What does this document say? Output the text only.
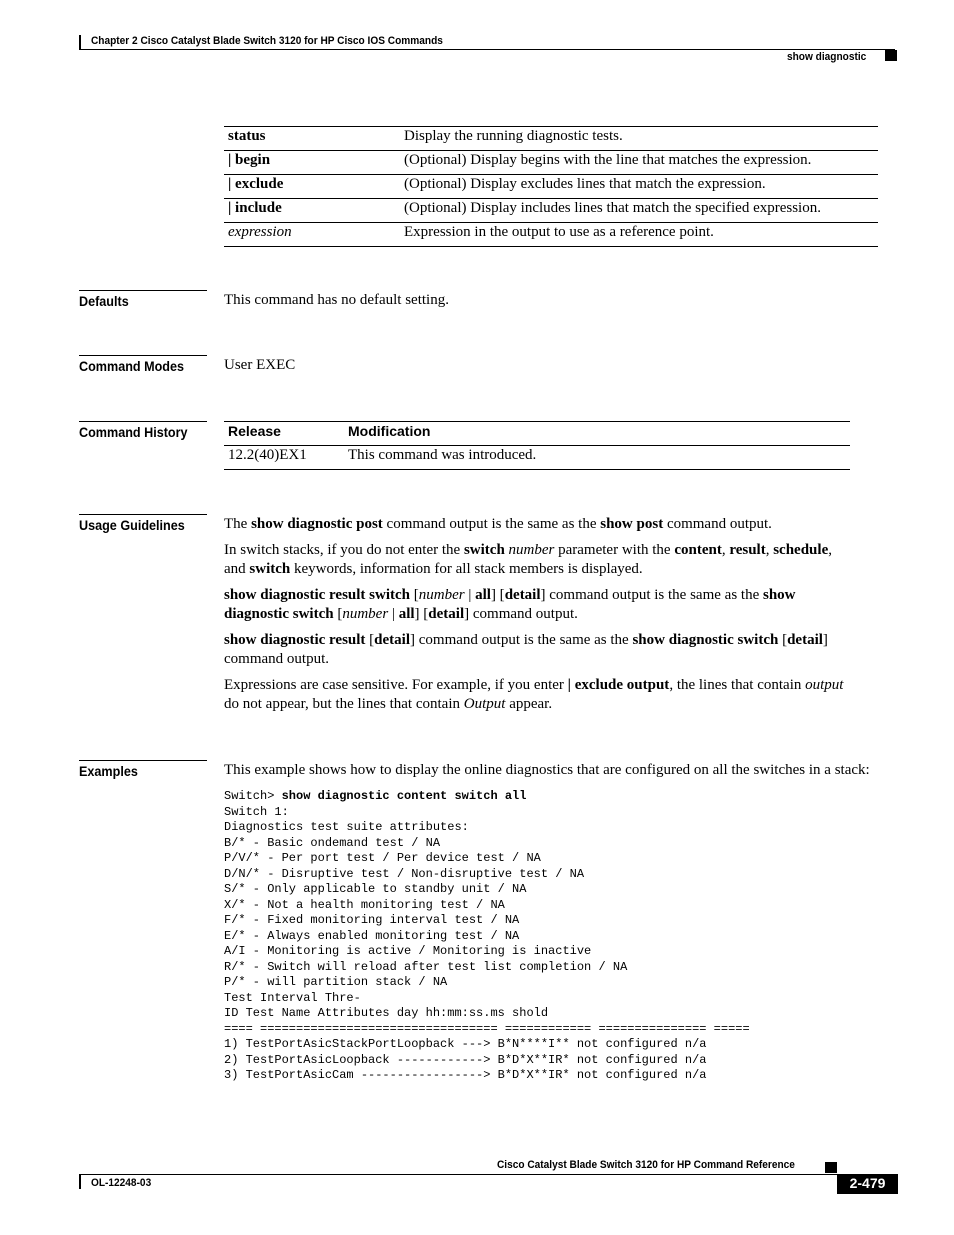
Chapter 2 Cisco Catalyst Blade Switch 3120 for HP Cisco IOS Commands
show diagnostic
status	Display the running diagnostic tests.
| begin	(Optional) Display begins with the line that matches the expression.
| exclude	(Optional) Display excludes lines that match the expression.
| include	(Optional) Display includes lines that match the specified expression.
expression	Expression in the output to use as a reference point.
Defaults	This command has no default setting.
Command Modes	User EXEC
Command History	Release	Modification
12.2(40)EX1	This command was introduced.
Usage Guidelines	The show diagnostic post command output is the same as the show post command output.

In switch stacks, if you do not enter the switch number parameter with the content, result, schedule,
and switch keywords, information for all stack members is displayed.

show diagnostic result switch [number | all] [detail] command output is the same as the show
diagnostic switch [number | all] [detail] command output.

show diagnostic result [detail] command output is the same as the show diagnostic switch [detail]
command output.

Expressions are case sensitive. For example, if you enter | exclude output, the lines that contain output
do not appear, but the lines that contain Output appear.

Examples	This example shows how to display the online diagnostics that are configured on all the switches in a stack:
Switch> show diagnostic content switch all
Switch 1:
Diagnostics test suite attributes:
B/* - Basic ondemand test / NA
P/V/* - Per port test / Per device test / NA
D/N/* - Disruptive test / Non-disruptive test / NA
S/* - Only applicable to standby unit / NA
X/* - Not a health monitoring test / NA
F/* - Fixed monitoring interval test / NA
E/* - Always enabled monitoring test / NA
A/I - Monitoring is active / Monitoring is inactive
R/* - Switch will reload after test list completion / NA
P/* - will partition stack / NA
Test Interval Thre-
ID Test Name Attributes day hh:mm:ss.ms shold
==== ================================= ============ =============== =====
1) TestPortAsicStackPortLoopback ---> B*N****I** not configured n/a
2) TestPortAsicLoopback ------------> B*D*X**IR* not configured n/a
3) TestPortAsicCam -----------------> B*D*X**IR* not configured n/a
Cisco Catalyst Blade Switch 3120 for HP Command Reference
OL-12248-03	2-479
